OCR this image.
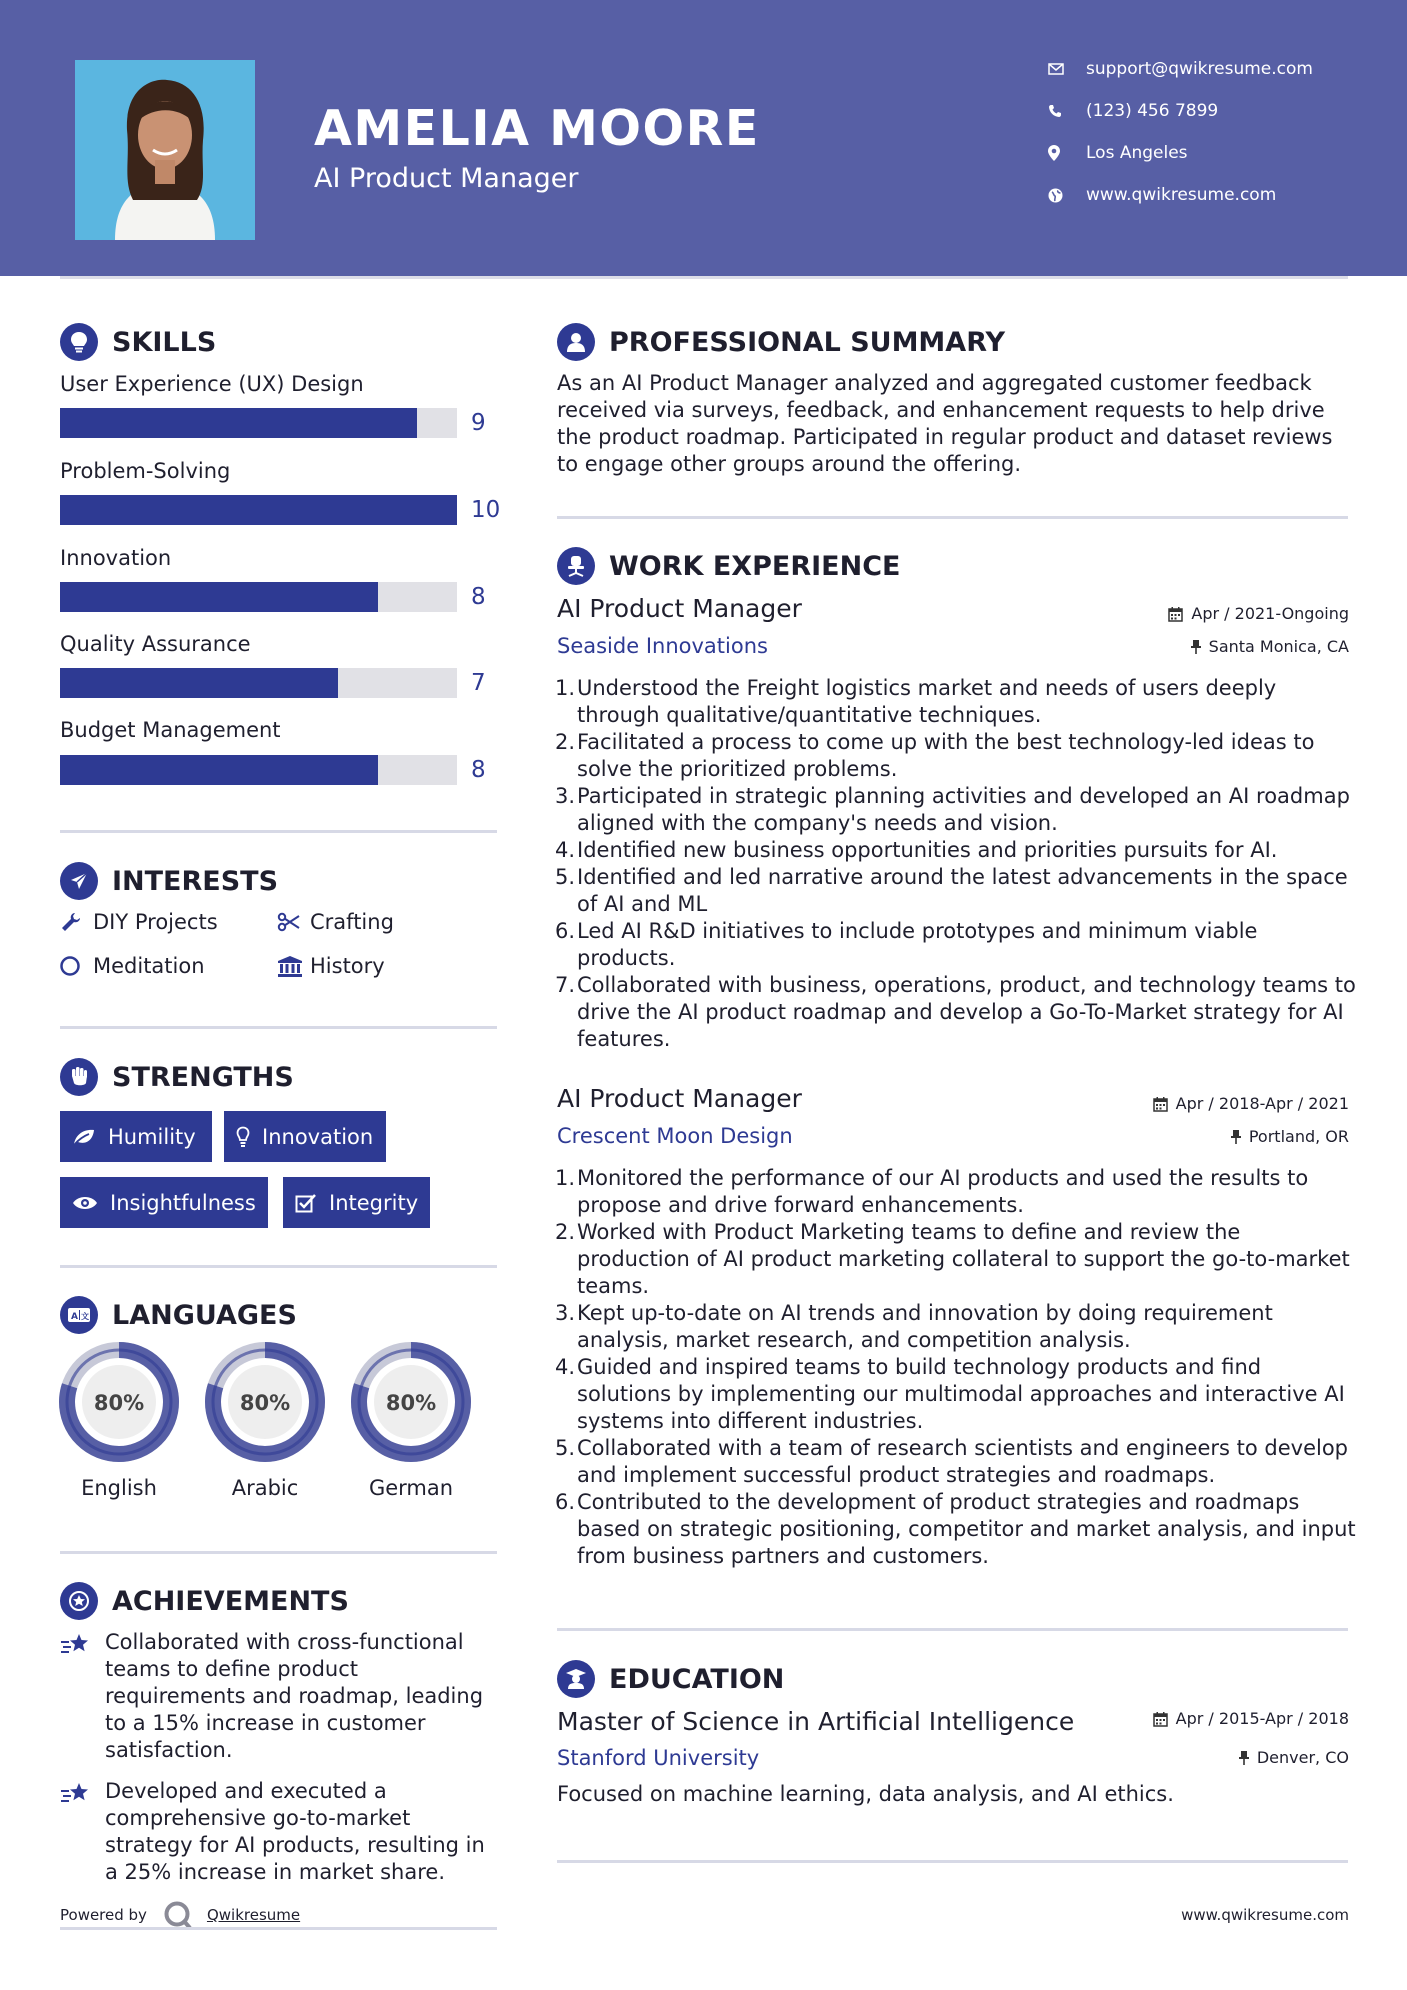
AMELIA MOORE
AI Product Manager
support@qwikresume.com
(123) 456 7899
Los Angeles
www.qwikresume.com
SKILLS
User Experience (UX) Design
9
Problem-Solving
10
Innovation
8
Quality Assurance
7
Budget Management
8
INTERESTS
DIY Projects	Crafting
Meditation	History
STRENGTHS
Humility	Innovation
Insightfulness	Integrity
A 文 LANGUAGES
80%
English
80%
Arabic
80%
German
ACHIEVEMENTS
Collaborated with cross-functional teams to define product requirements and roadmap, leading to a 15% increase in customer satisfaction.
Developed and executed a comprehensive go-to-market strategy for AI products, resulting in a 25% increase in market share.
Powered by	Qwikresume
PROFESSIONAL SUMMARY
As an AI Product Manager analyzed and aggregated customer feedback received via surveys, feedback, and enhancement requests to help drive the product roadmap. Participated in regular product and dataset reviews to engage other groups around the offering.
WORK EXPERIENCE
AI Product Manager	Apr / 2021-Ongoing
Seaside Innovations	Santa Monica, CA
1. Understood the Freight logistics market and needs of users deeply through qualitative/quantitative techniques.
2. Facilitated a process to come up with the best technology-led ideas to solve the prioritized problems.
3. Participated in strategic planning activities and developed an AI roadmap aligned with the company's needs and vision.
4. Identified new business opportunities and priorities pursuits for AI.
5. Identified and led narrative around the latest advancements in the space of AI and ML
6. Led AI R&D initiatives to include prototypes and minimum viable products.
7. Collaborated with business, operations, product, and technology teams to drive the AI product roadmap and develop a Go-To-Market strategy for AI features.
AI Product Manager	Apr / 2018-Apr / 2021
Crescent Moon Design	Portland, OR
1. Monitored the performance of our AI products and used the results to propose and drive forward enhancements.
2. Worked with Product Marketing teams to define and review the production of AI product marketing collateral to support the go-to-market teams.
3. Kept up-to-date on AI trends and innovation by doing requirement analysis, market research, and competition analysis.
4. Guided and inspired teams to build technology products and find solutions by implementing our multimodal approaches and interactive AI systems into different industries.
5. Collaborated with a team of research scientists and engineers to develop and implement successful product strategies and roadmaps.
6. Contributed to the development of product strategies and roadmaps based on strategic positioning, competitor and market analysis, and input from business partners and customers.
EDUCATION
Master of Science in Artificial Intelligence	Apr / 2015-Apr / 2018
Stanford University	Denver, CO
Focused on machine learning, data analysis, and AI ethics.
www.qwikresume.com
